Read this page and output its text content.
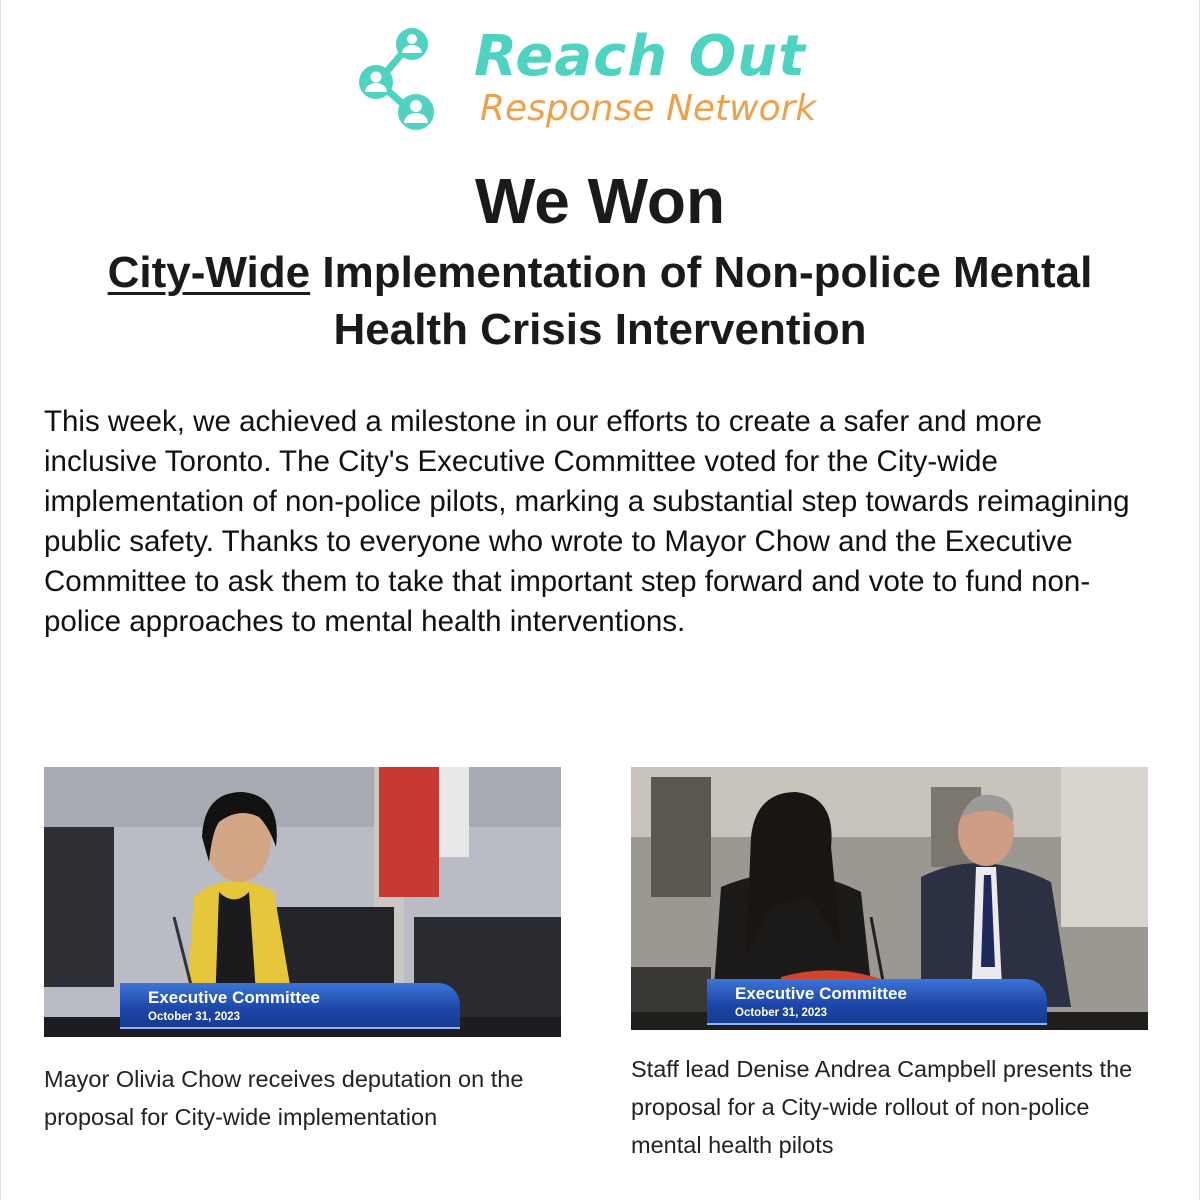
Reach Out
Response Network
We Won
City-Wide Implementation of Non-police Mental Health Crisis Intervention

This week, we achieved a milestone in our efforts to create a safer and more inclusive Toronto. The City's Executive Committee voted for the City-wide implementation of non-police pilots, marking a substantial step towards reimagining public safety. Thanks to everyone who wrote to Mayor Chow and the Executive Committee to ask them to take that important step forward and vote to fund non-police approaches to mental health interventions.

Executive Committee
October 31, 2023

Mayor Olivia Chow receives deputation on the proposal for City-wide implementation

Executive Committee
October 31, 2023

Staff lead Denise Andrea Campbell presents the proposal for a City-wide rollout of non-police mental health pilots
